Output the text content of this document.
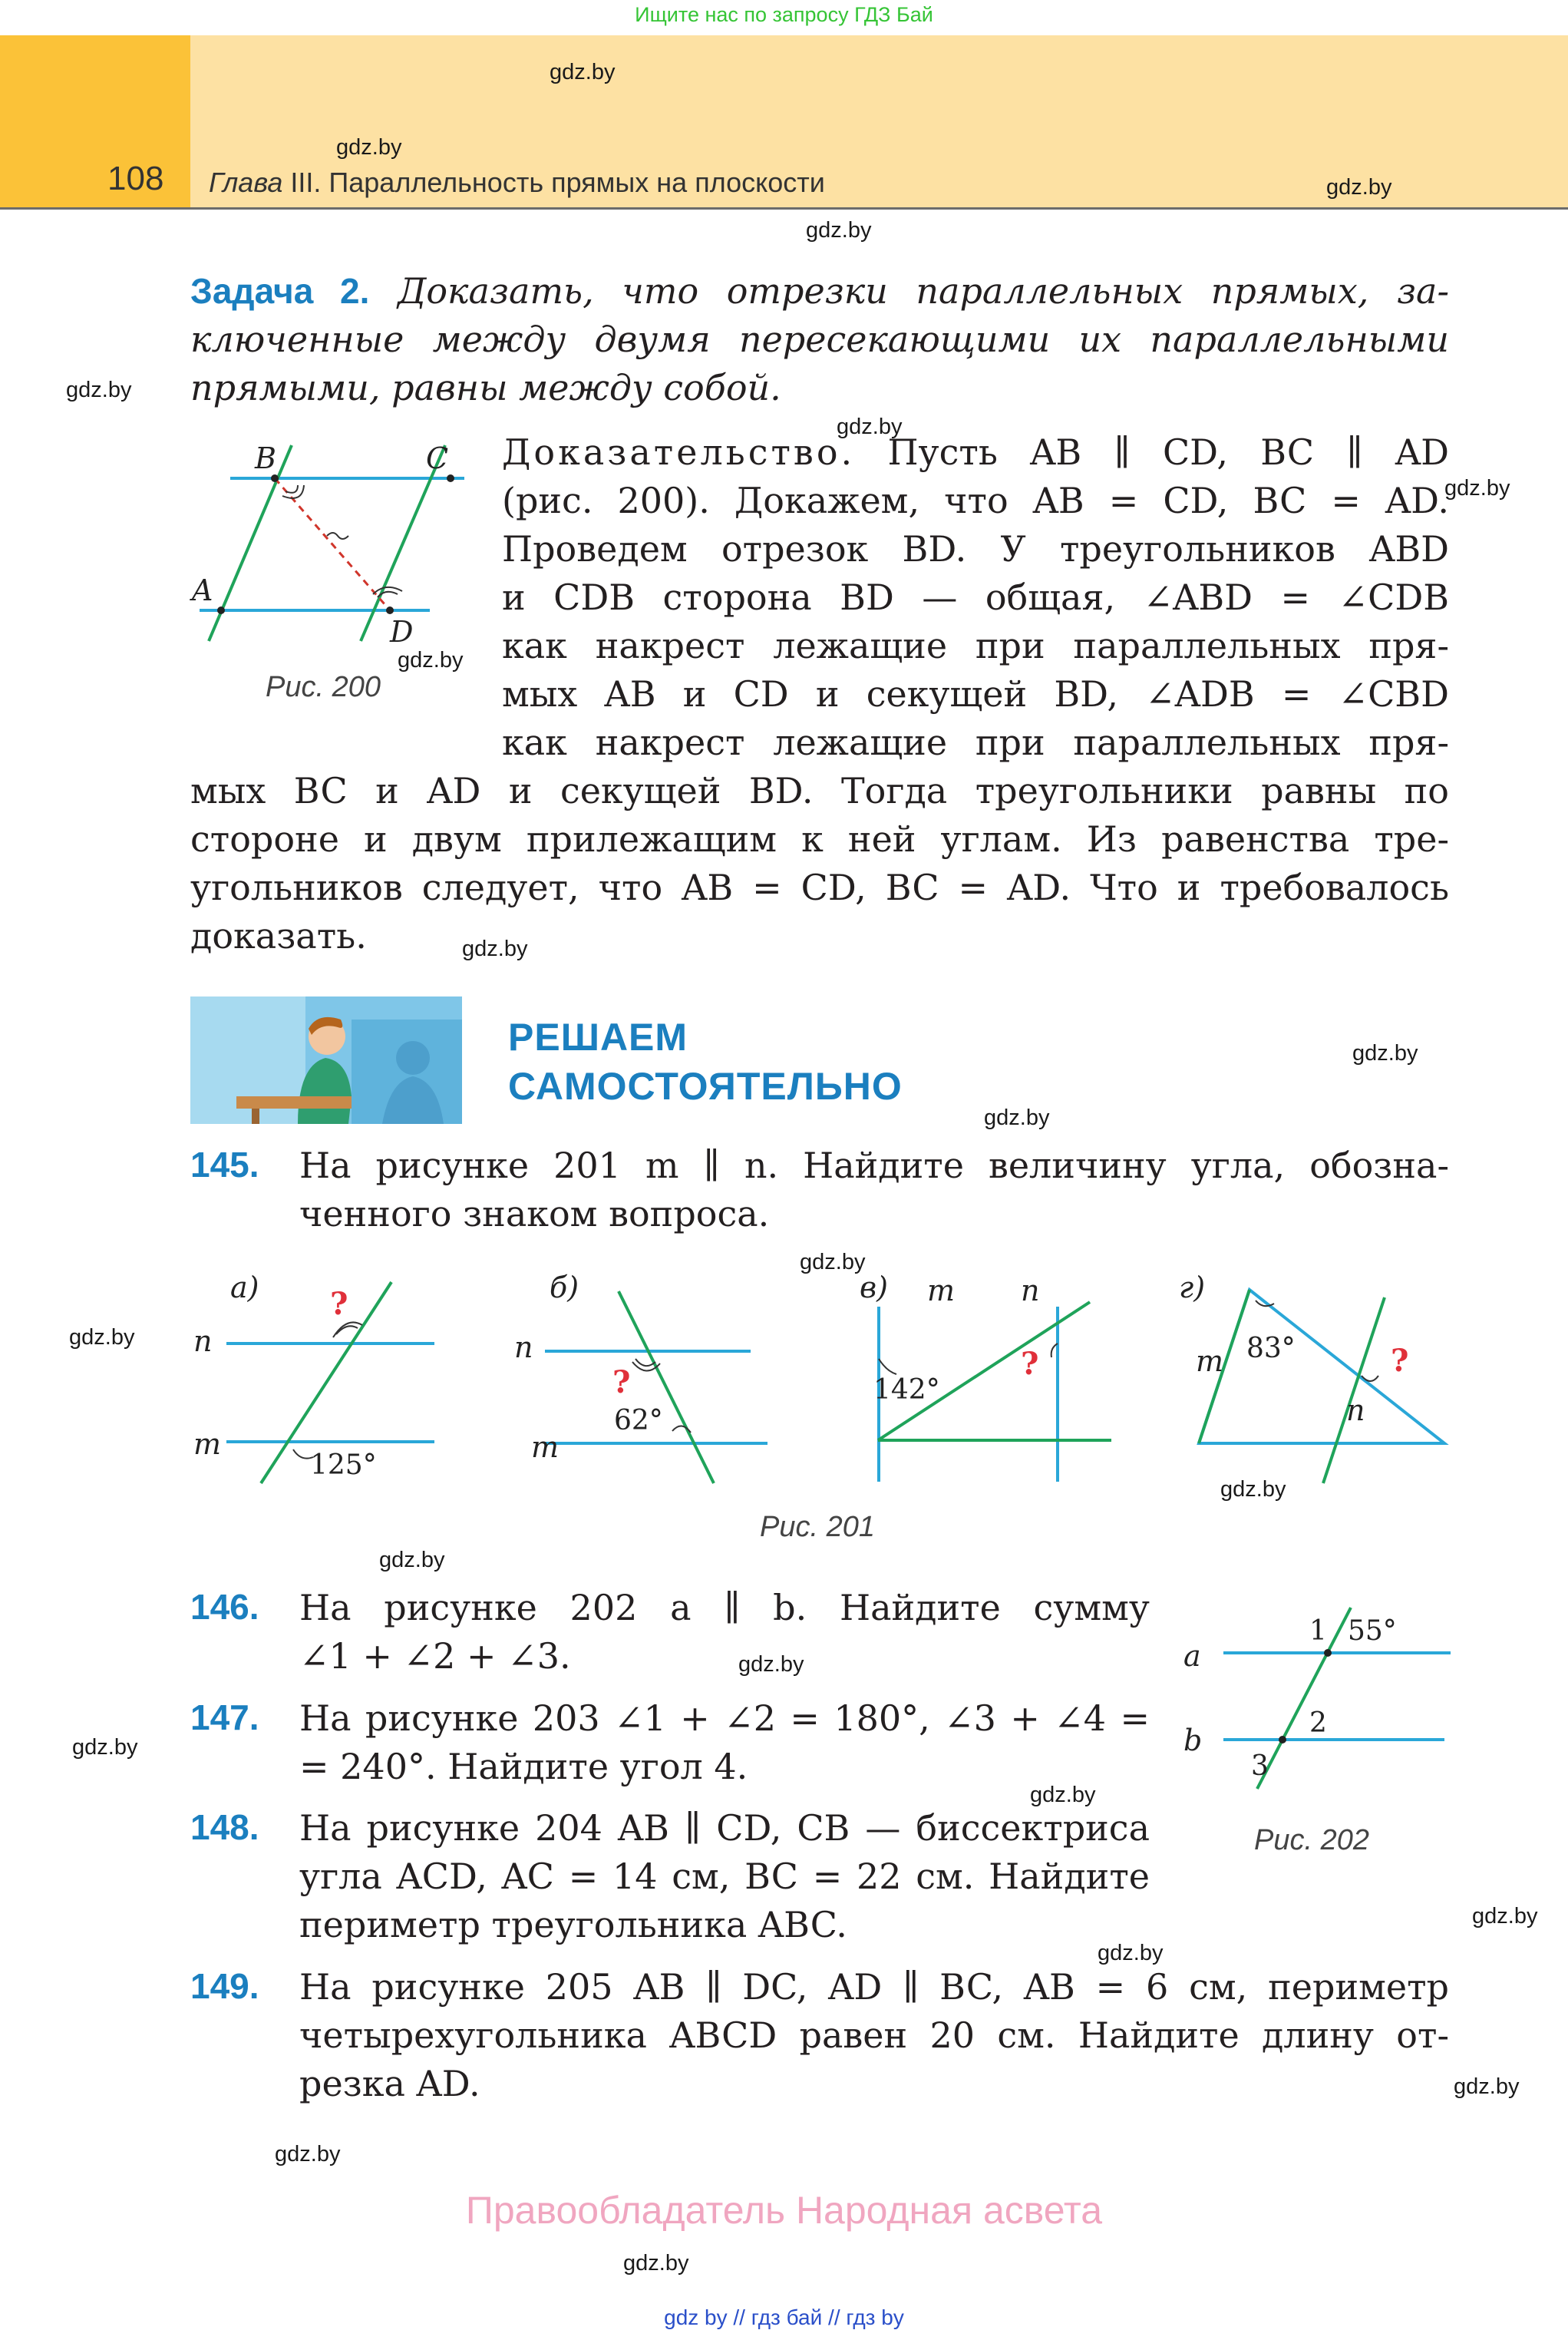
Ищите нас по запросу ГДЗ Бай
108 Глава III. Параллельность прямых на плоскости
gdz.by
gdz.by
gdz.by
gdz.by
gdz.by
gdz.by
gdz.by
gdz.by
gdz.by
gdz.by
gdz.by
gdz.by
gdz.by
gdz.by
gdz.by
gdz.by
gdz.by
gdz.by
gdz.by
gdz.by
gdz.by
gdz.by
gdz.by
Задача 2. Доказать, что отрезки параллельных прямых, за-
ключенные между двумя пересекающими их параллельными
прямыми, равны между собой.
B	C
A
D
Рис. 200
Доказательство. Пусть AB ∥ CD, BC ∥ AD
(рис. 200). Докажем, что AB = CD, BC = AD.
Проведем отрезок BD. У треугольников ABD
и CDB сторона BD — общая, ∠ABD = ∠CDB
как накрест лежащие при параллельных пря-
мых AB и CD и секущей BD, ∠ADB = ∠CBD
как накрест лежащие при параллельных пря-
мых BC и AD и секущей BD. Тогда треугольники равны по
стороне и двум прилежащим к ней углам. Из равенства тре-
угольников следует, что AB = CD, BC = AD. Что и требовалось
доказать.
РЕШАЕМ
САМОСТОЯТЕЛЬНО
145. На рисунке 201 m ∥ n. Найдите величину угла, обозна-
ченного знаком вопроса.
а)
n
m
?
125°
б)
n
m
?
62°
в) m n
?
142°
г)
m
n
?
83°
Рис. 201
146. На рисунке 202 a ∥ b. Найдите сумму
∠1 + ∠2 + ∠3.
147. На рисунке 203 ∠1 + ∠2 = 180°, ∠3 + ∠4 =
= 240°. Найдите угол 4.
148. На рисунке 204 AB ∥ CD, CB — биссектриса
угла ACD, AC = 14 см, BC = 22 см. Найдите
периметр треугольника ABC.
149. На рисунке 205 AB ∥ DC, AD ∥ BC, AB = 6 см, периметр
четырехугольника ABCD равен 20 см. Найдите длину от-
резка AD.
a
b
1 55°
2
3
Рис. 202
Правообладатель Народная асвета
gdz by // гдз бай // гдз by
